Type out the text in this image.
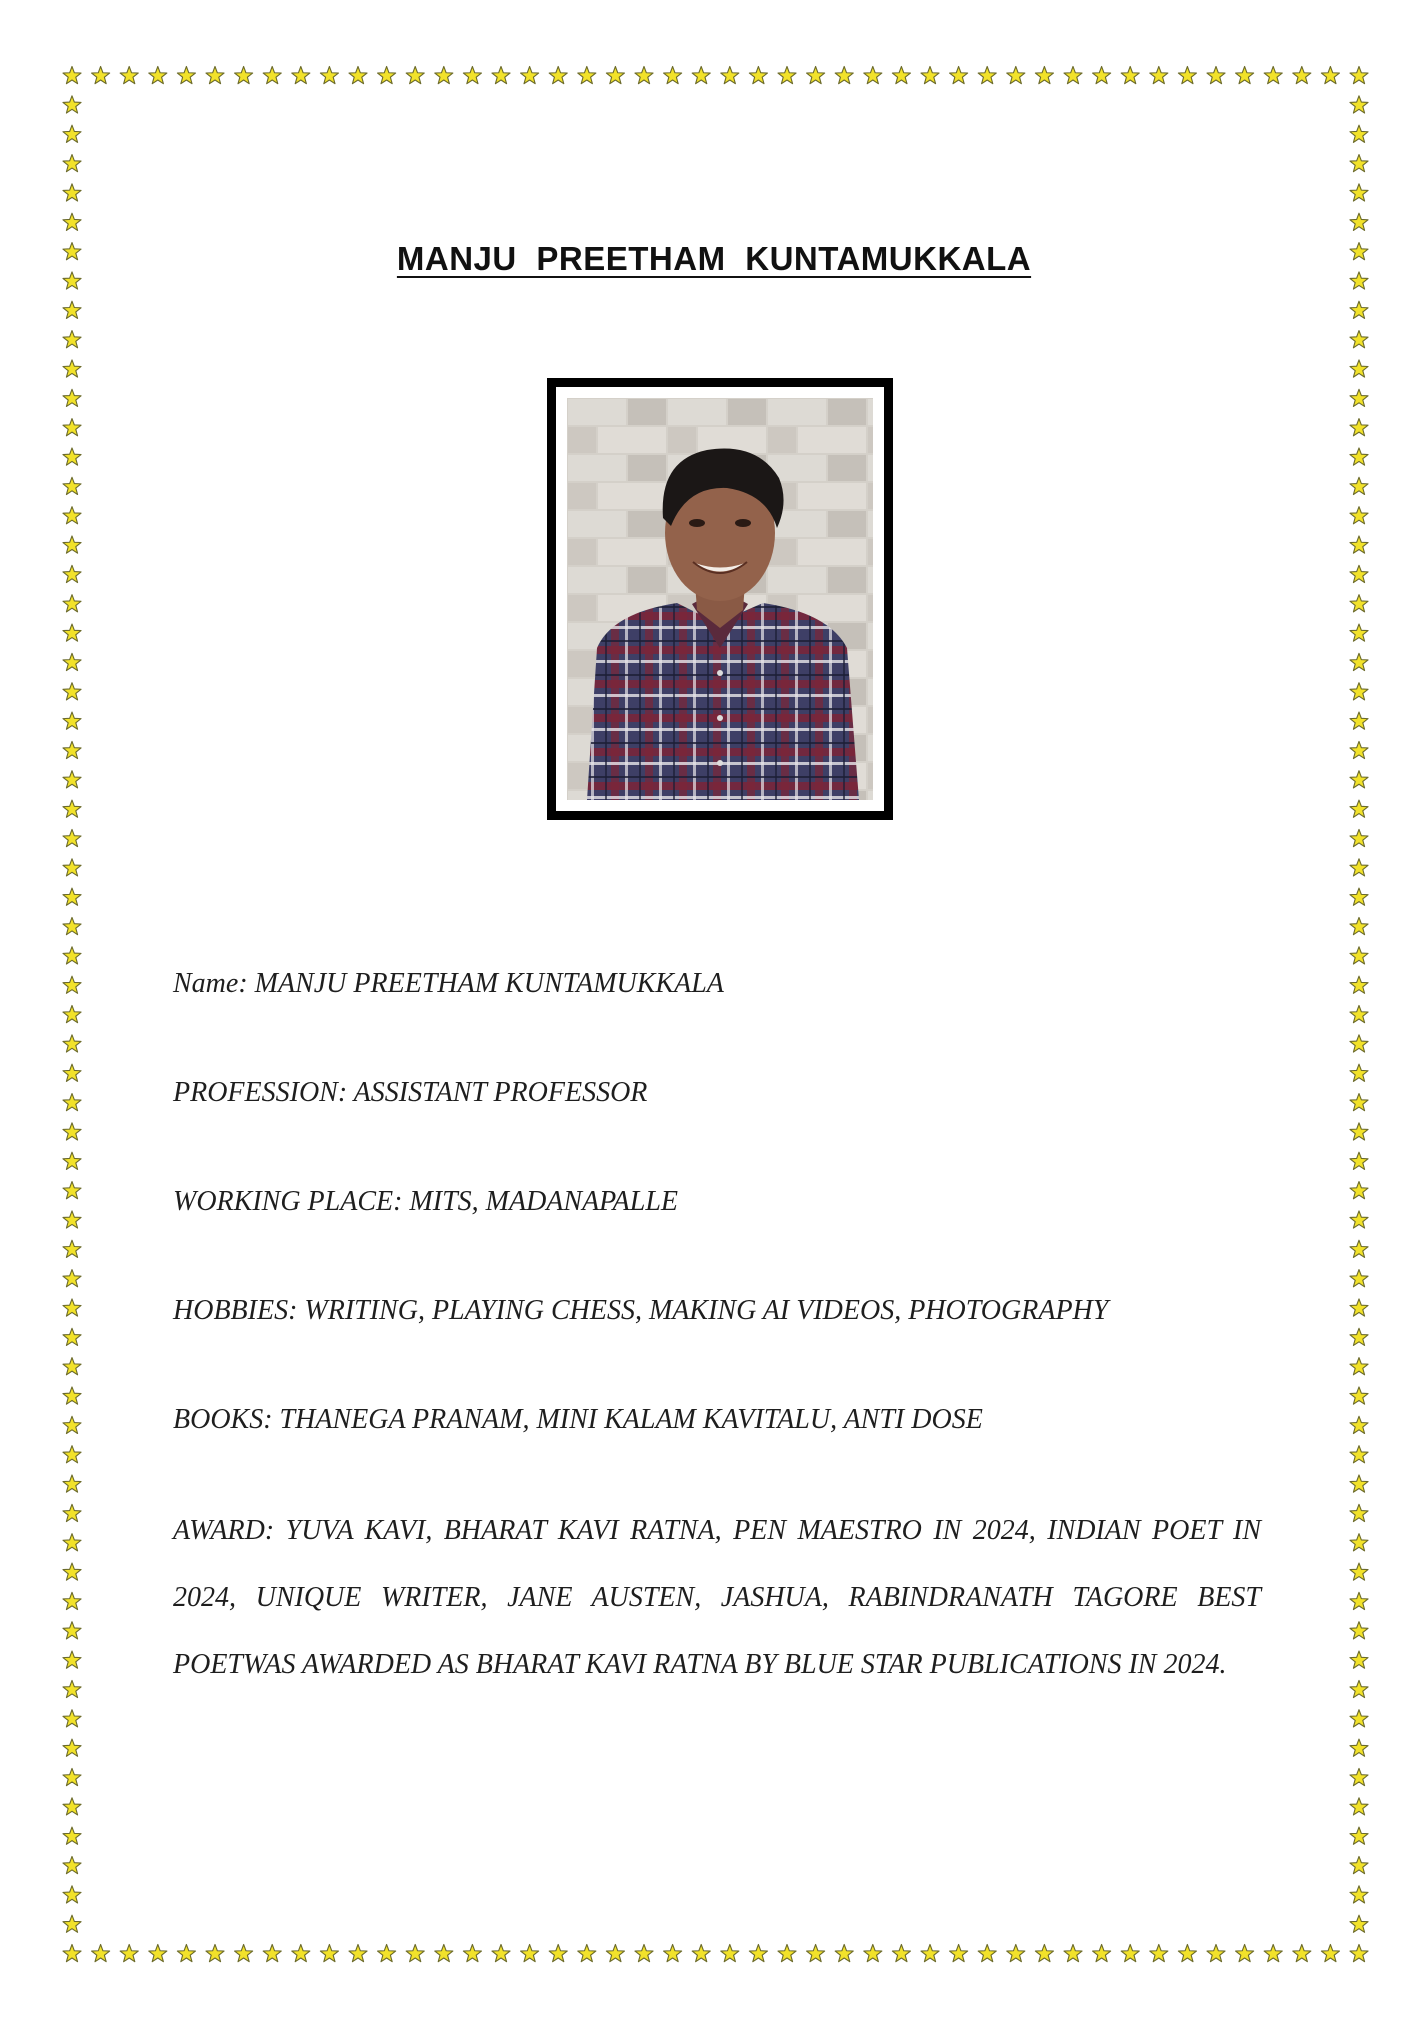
MANJU PREETHAM KUNTAMUKKALA
Name: MANJU PREETHAM KUNTAMUKKALA
PROFESSION: ASSISTANT PROFESSOR
WORKING PLACE: MITS, MADANAPALLE
HOBBIES: WRITING, PLAYING CHESS, MAKING AI VIDEOS, PHOTOGRAPHY
BOOKS: THANEGA PRANAM, MINI KALAM KAVITALU, ANTI DOSE
AWARD: YUVA KAVI, BHARAT KAVI RATNA, PEN MAESTRO IN 2024, INDIAN POET IN 2024, UNIQUE WRITER, JANE AUSTEN, JASHUA, RABINDRANATH TAGORE BEST POETWAS AWARDED AS BHARAT KAVI RATNA BY BLUE STAR PUBLICATIONS IN 2024.
